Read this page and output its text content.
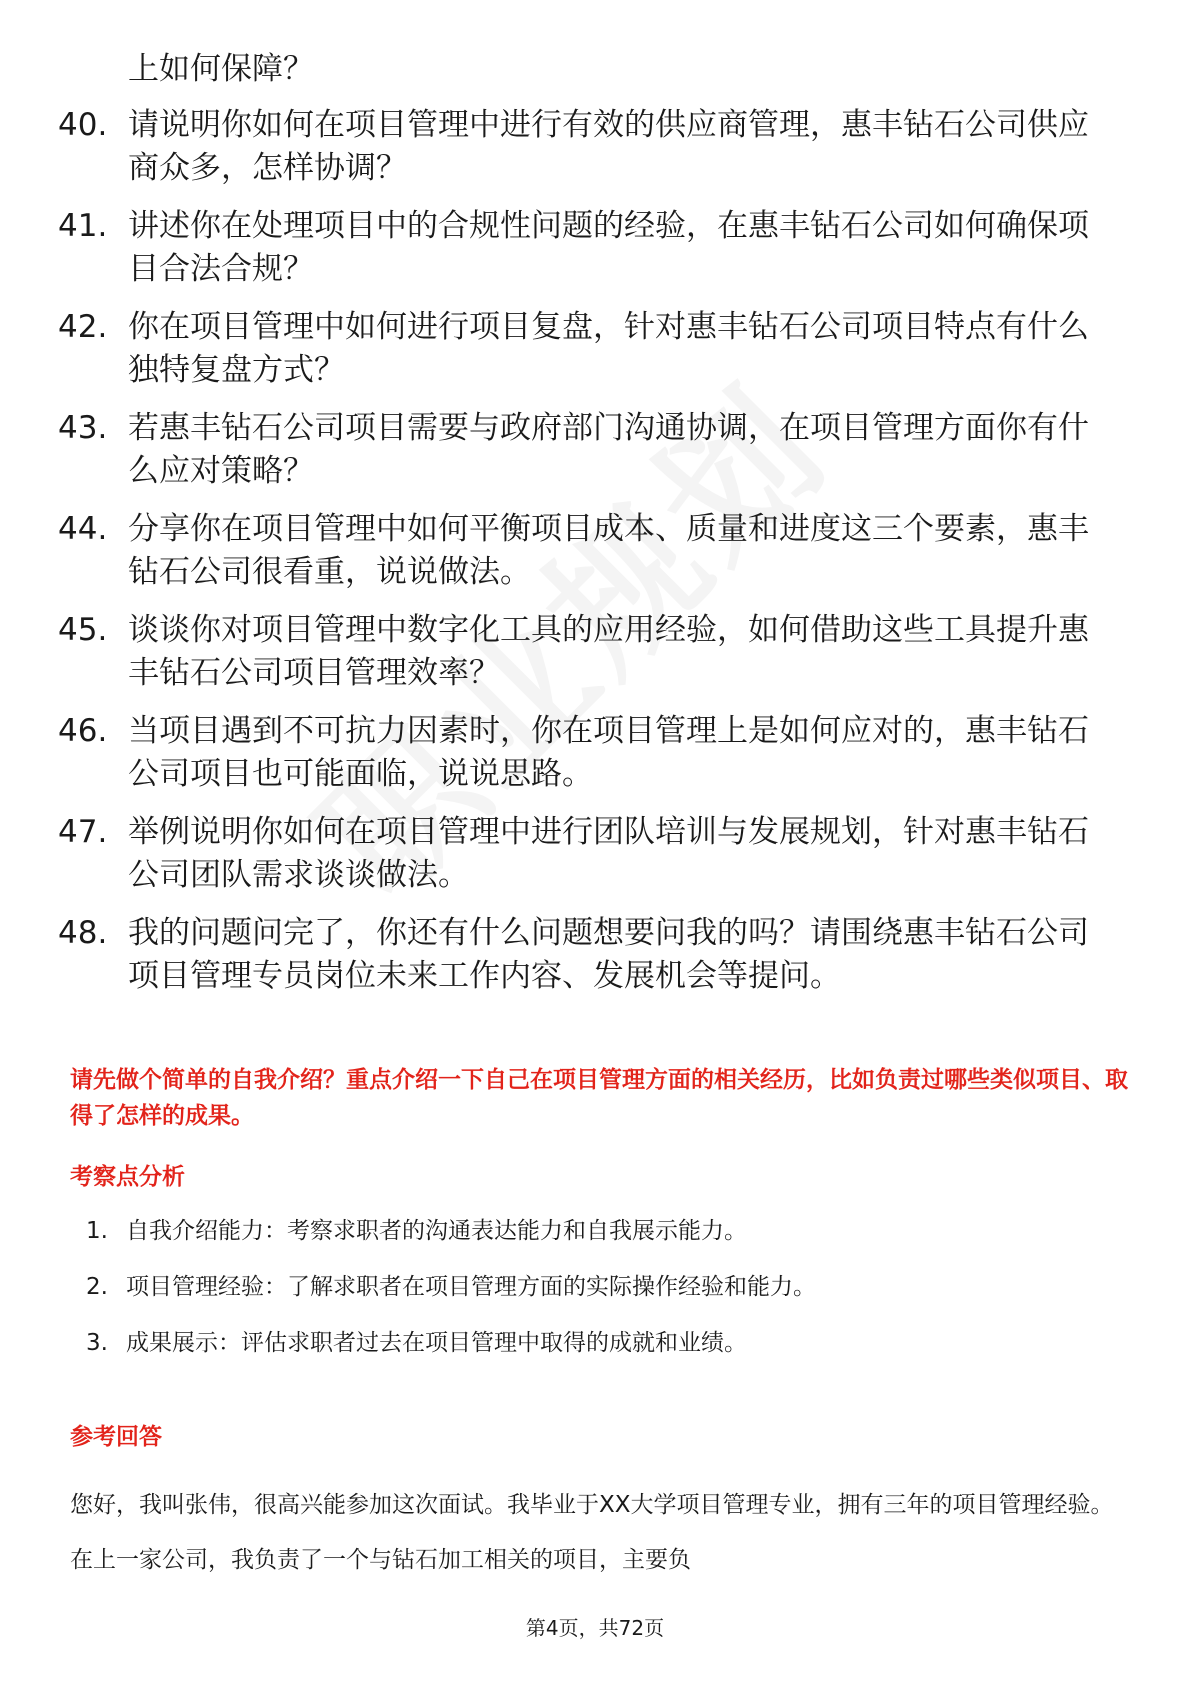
上如何保障？
40. 请说明你如何在项目管理中进行有效的供应商管理，惠丰钻石公司供应商众多，怎样协调？
41. 讲述你在处理项目中的合规性问题的经验，在惠丰钻石公司如何确保项目合法合规？
42. 你在项目管理中如何进行项目复盘，针对惠丰钻石公司项目特点有什么独特复盘方式？
43. 若惠丰钻石公司项目需要与政府部门沟通协调，在项目管理方面你有什么应对策略？
44. 分享你在项目管理中如何平衡项目成本、质量和进度这三个要素，惠丰钻石公司很看重，说说做法。
45. 谈谈你对项目管理中数字化工具的应用经验，如何借助这些工具提升惠丰钻石公司项目管理效率？
46. 当项目遇到不可抗力因素时，你在项目管理上是如何应对的，惠丰钻石公司项目也可能面临，说说思路。
47. 举例说明你如何在项目管理中进行团队培训与发展规划，针对惠丰钻石公司团队需求谈谈做法。
48. 我的问题问完了，你还有什么问题想要问我的吗？请围绕惠丰钻石公司项目管理专员岗位未来工作内容、发展机会等提问。
请先做个简单的自我介绍？重点介绍一下自己在项目管理方面的相关经历，比如负责过哪些类似项目、取得了怎样的成果。
考察点分析
1. 自我介绍能力：考察求职者的沟通表达能力和自我展示能力。
2. 项目管理经验：了解求职者在项目管理方面的实际操作经验和能力。
3. 成果展示：评估求职者过去在项目管理中取得的成就和业绩。
参考回答
您好，我叫张伟，很高兴能参加这次面试。我毕业于XX大学项目管理专业，拥有三年的项目管理经验。在上一家公司，我负责了一个与钻石加工相关的项目，主要负
第4页，共72页
